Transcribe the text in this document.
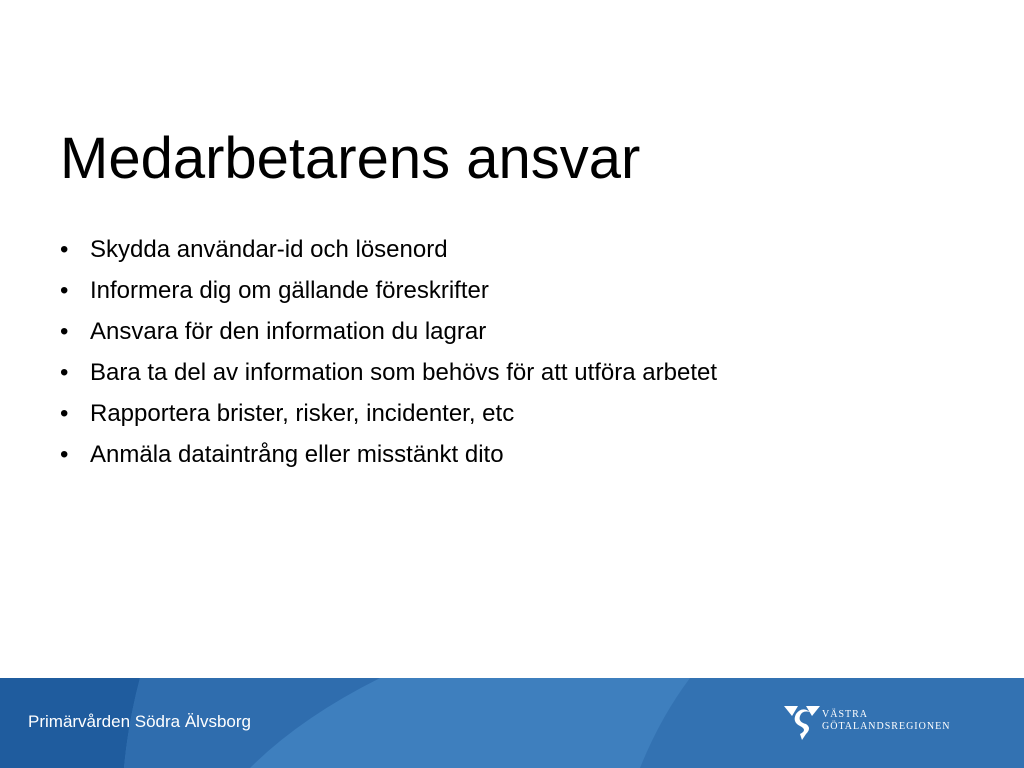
Medarbetarens ansvar
• Skydda användar-id och lösenord
• Informera dig om gällande föreskrifter
• Ansvara för den information du lagrar
• Bara ta del av information som behövs för att utföra arbetet
• Rapportera brister, risker, incidenter, etc
• Anmäla dataintrång eller misstänkt dito
Primärvården Södra Älvsborg	VÄSTRA
GÖTALANDSREGIONEN
